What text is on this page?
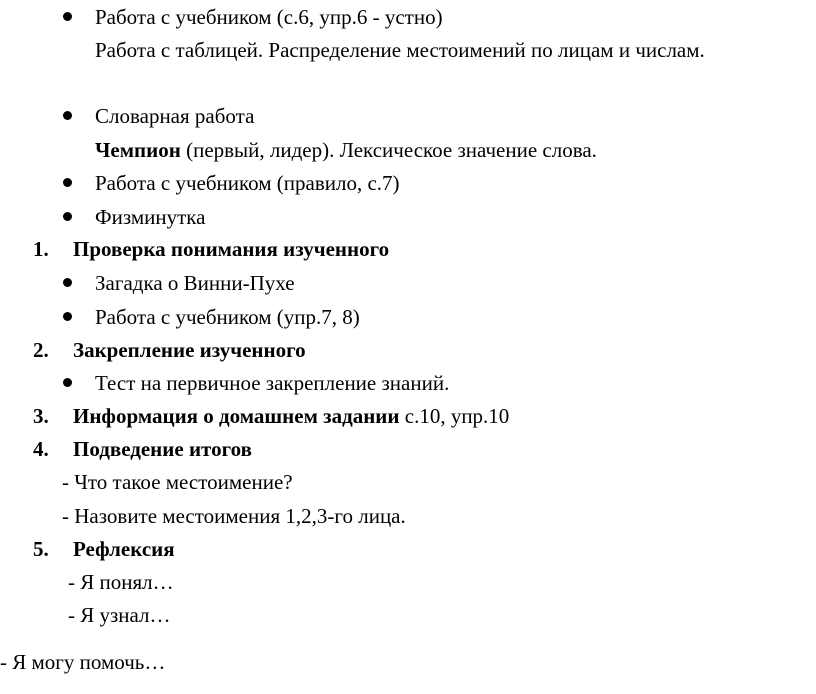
Работа с учебником (с.6, упр.6 - устно)
Работа с таблицей. Распределение местоимений по лицам и числам.
Словарная работа
Чемпион (первый, лидер). Лексическое значение слова.
Работа с учебником (правило, с.7)
Физминутка
1. Проверка понимания изученного
Загадка о Винни-Пухе
Работа с учебником (упр.7, 8)
2. Закрепление изученного
Тест на первичное закрепление знаний.
3. Информация о домашнем задании с.10, упр.10
4. Подведение итогов
- Что такое местоимение?
- Назовите местоимения 1,2,3-го лица.
5. Рефлексия
- Я понял…
- Я узнал…
- Я могу помочь…
